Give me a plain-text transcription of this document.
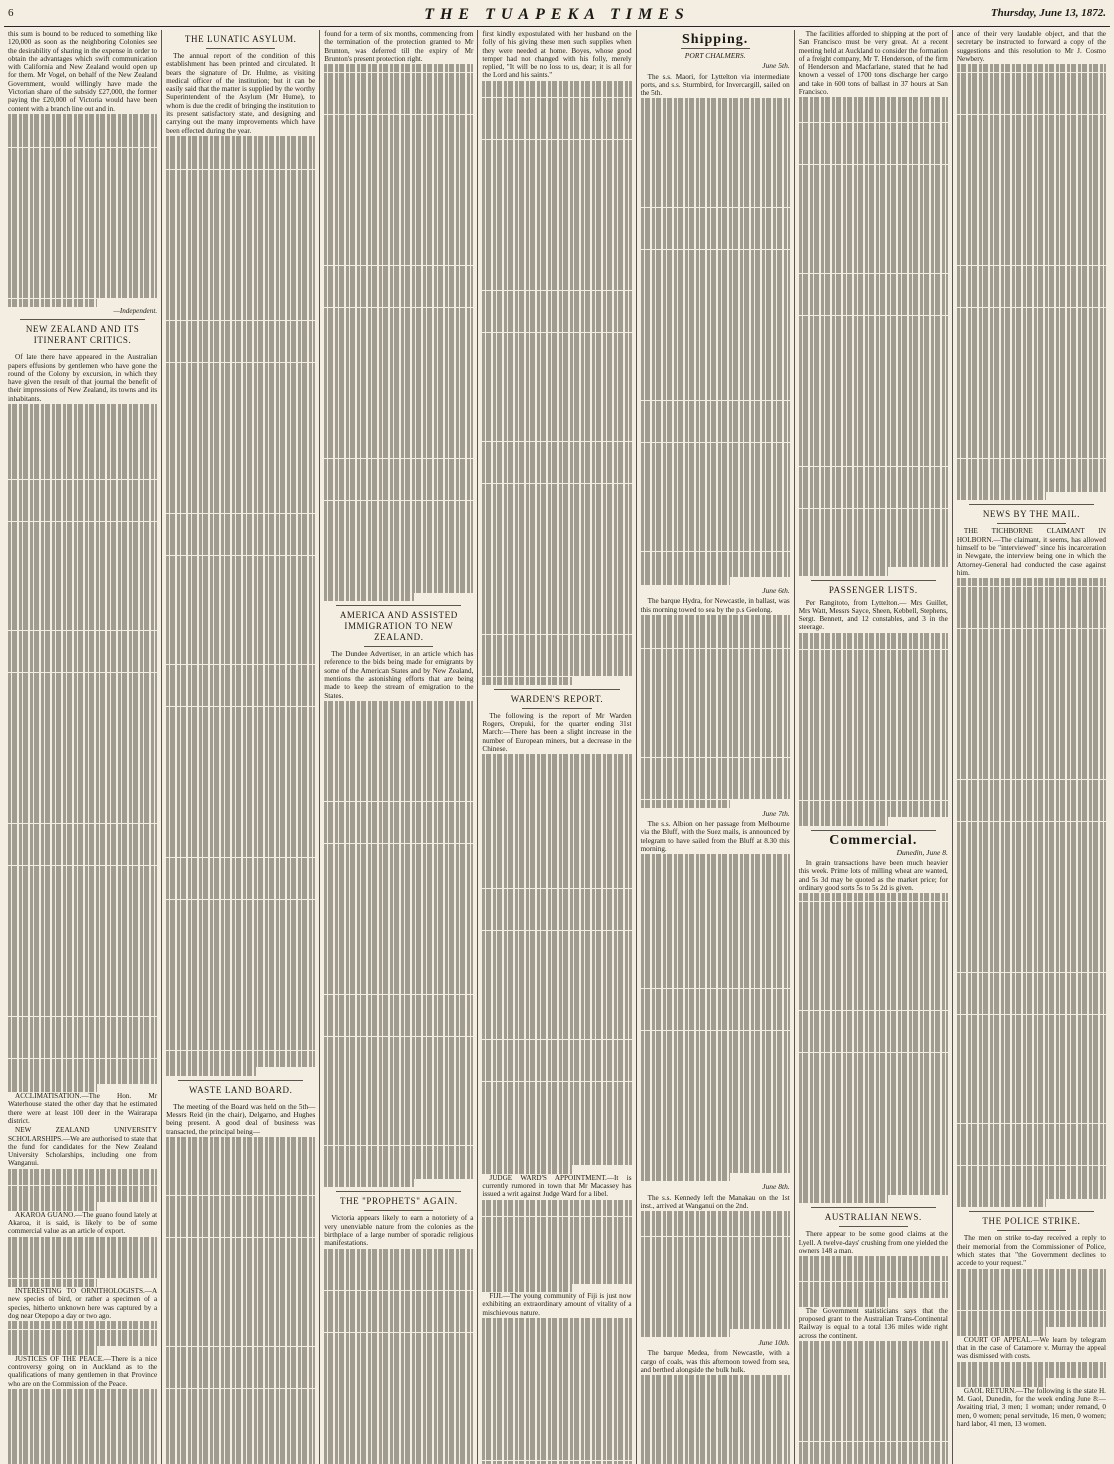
6	THE TUAPEKA TIMES	Thursday, June 13, 1872.

this sum is bound to be reduced to something like 120,000 as soon as the neighboring Colonies see the desirability of sharing in the expense in order to obtain the advantages which swift communication with California and New Zealand would open up for them. Mr Vogel, on behalf of the New Zealand Government, would willingly have made the Victorian share of the subsidy £27,000, the former paying the £20,000 of Victoria would have been content with a branch line out and in.

—Independent.

NEW ZEALAND AND ITS ITINERANT CRITICS.

Of late there have appeared in the Australian papers effusions by gentlemen who have gone the round of the Colony by excursion, in which they have given the result of that journal the benefit of their impressions of New Zealand, its towns and its inhabitants.

ACCLIMATISATION.—The Hon. Mr Waterhouse stated the other day that he estimated there were at least 100 deer in the Wairarapa district.

NEW ZEALAND UNIVERSITY SCHOLARSHIPS.—We are authorised to state that the fund for candidates for the New Zealand University Scholarships, including one from Wanganui.

AKAROA GUANO.—The guano found lately at Akaroa, it is said, is likely to be of some commercial value as an article of export.

INTERESTING TO ORNITHOLOGISTS.—A new species of bird, or rather a specimen of a species, hitherto unknown here was captured by a dog near Otepopo a day or two ago.

JUSTICES OF THE PEACE.—There is a nice controversy going on in Auckland as to the qualifications of many gentlemen in that Province who are on the Commission of the Peace.

THE LUNATIC ASYLUM.

The annual report of the condition of this establishment has been printed and circulated. It bears the signature of Dr. Hulme, as visiting medical officer of the institution; but it can be easily said that the matter is supplied by the worthy Superintendent of the Asylum (Mr Hume), to whom is due the credit of bringing the institution to its present satisfactory state, and designing and carrying out the many improvements which have been effected during the year.

WASTE LAND BOARD.

The meeting of the Board was held on the 5th—Messrs Reid (in the chair), Delgarno, and Hughes being present. A good deal of business was transacted, the principal being—

found for a term of six months, commencing from the termination of the protection granted to Mr Brunton, was deferred till the expiry of Mr Brunton's present protection right.

AMERICA AND ASSISTED IMMIGRATION TO NEW ZEALAND.

The Dundee Advertiser, in an article which has reference to the bids being made for emigrants by some of the American States and by New Zealand, mentions the astonishing efforts that are being made to keep the stream of emigration to the States.

THE "PROPHETS" AGAIN.

Victoria appears likely to earn a notoriety of a very unenviable nature from the colonies as the birthplace of a large number of sporadic religious manifestations.

first kindly expostulated with her husband on the folly of his giving these men such supplies when they were needed at home. Boyes, whose good temper had not changed with his folly, merely replied, "It will be no loss to us, dear; it is all for the Lord and his saints."

WARDEN'S REPORT.

The following is the report of Mr Warden Rogers, Orepuki, for the quarter ending 31st March:—There has been a slight increase in the number of European miners, but a decrease in the Chinese.

JUDGE WARD'S APPOINTMENT.—It is currently rumored in town that Mr Macassey has issued a writ against Judge Ward for a libel.

FIJI.—The young community of Fiji is just now exhibiting an extraordinary amount of vitality of a mischievous nature.

Shipping.
PORT CHALMERS.
June 5th.

The s.s. Maori, for Lyttelton via intermediate ports, and s.s. Sturmbird, for Invercargill, sailed on the 5th.

June 6th.

The barque Hydra, for Newcastle, in ballast, was this morning towed to sea by the p.s Geelong.

June 7th.

The s.s. Albion on her passage from Melbourne via the Bluff, with the Suez mails, is announced by telegram to have sailed from the Bluff at 8.30 this morning.

June 8th.

The s.s. Kennedy left the Manakau on the 1st inst., arrived at Wanganui on the 2nd.

June 10th.

The barque Medea, from Newcastle, with a cargo of coals, was this afternoon towed from sea, and berthed alongside the bulk hulk.

The facilities afforded to shipping at the port of San Francisco must be very great. At a recent meeting held at Auckland to consider the formation of a freight company, Mr T. Henderson, of the firm of Henderson and Macfarlane, stated that he had known a vessel of 1700 tons discharge her cargo and take in 600 tons of ballast in 37 hours at San Francisco.

PASSENGER LISTS.

Per Rangitoto, from Lyttelton.— Mrs Guillet, Mrs Watt, Messrs Sayce, Sheen, Kebbell, Stephens, Sergt. Bennett, and 12 constables, and 3 in the steerage.

Commercial.
Dunedin, June 8.

In grain transactions have been much heavier this week. Prime lots of milling wheat are wanted, and 5s 3d may be quoted as the market price; for ordinary good sorts 5s to 5s 2d is given.

AUSTRALIAN NEWS.

There appear to be some good claims at the Lyell. A twelve-days' crushing from one yielded the owners 148 a man.

The Government statisticians says that the proposed grant to the Australian Trans-Continental Railway is equal to a total 136 miles wide right across the continent.

ance of their very laudable object, and that the secretary be instructed to forward a copy of the suggestions and this resolution to Mr J. Cosmo Newbery.

NEWS BY THE MAIL.

THE TICHBORNE CLAIMANT IN HOLBORN.—The claimant, it seems, has allowed himself to be "interviewed" since his incarceration in Newgate, the interview being one in which the Attorney-General had conducted the case against him.

THE POLICE STRIKE.

The men on strike to-day received a reply to their memorial from the Commissioner of Police, which states that "the Government declines to accede to your request."

COURT OF APPEAL.—We learn by telegram that in the case of Catamore v. Murray the appeal was dismissed with costs.

GAOL RETURN.—The following is the state H. M. Gaol, Dunedin, for the week ending June 8:—Awaiting trial, 3 men; 1 woman; under remand, 0 men, 0 women; penal servitude, 16 men, 0 women; hard labor, 41 men, 13 women.
